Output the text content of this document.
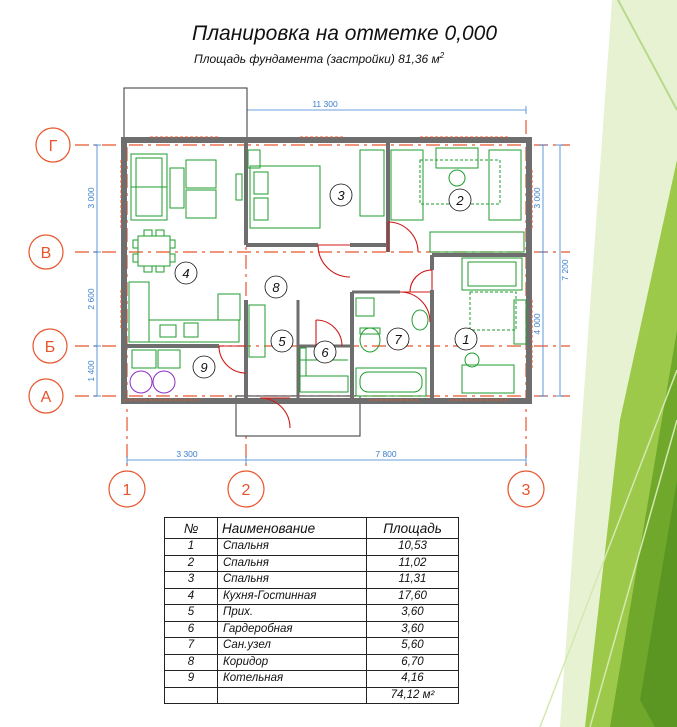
Планировка на отметке 0,000
Площадь фундамента (застройки) 81,36 $м^2$
Г
В
Б
А
1	2	3
11 300
3 000
2 600
1 400
3 000
4 000
7 200
3 300	7 800
1
2
3
4
5
6
7
8
9
№	Наименование	Площадь
1	Спальня	10,53
2	Спальня	11,02
3	Спальня	11,31
4	Кухня-Гостинная	17,60
5	Прих.	3,60
6	Гардеробная	3,60
7	Сан.узел	5,60
8	Коридор	6,70
9	Котельная	4,16
		74,12 м²
Домклик
